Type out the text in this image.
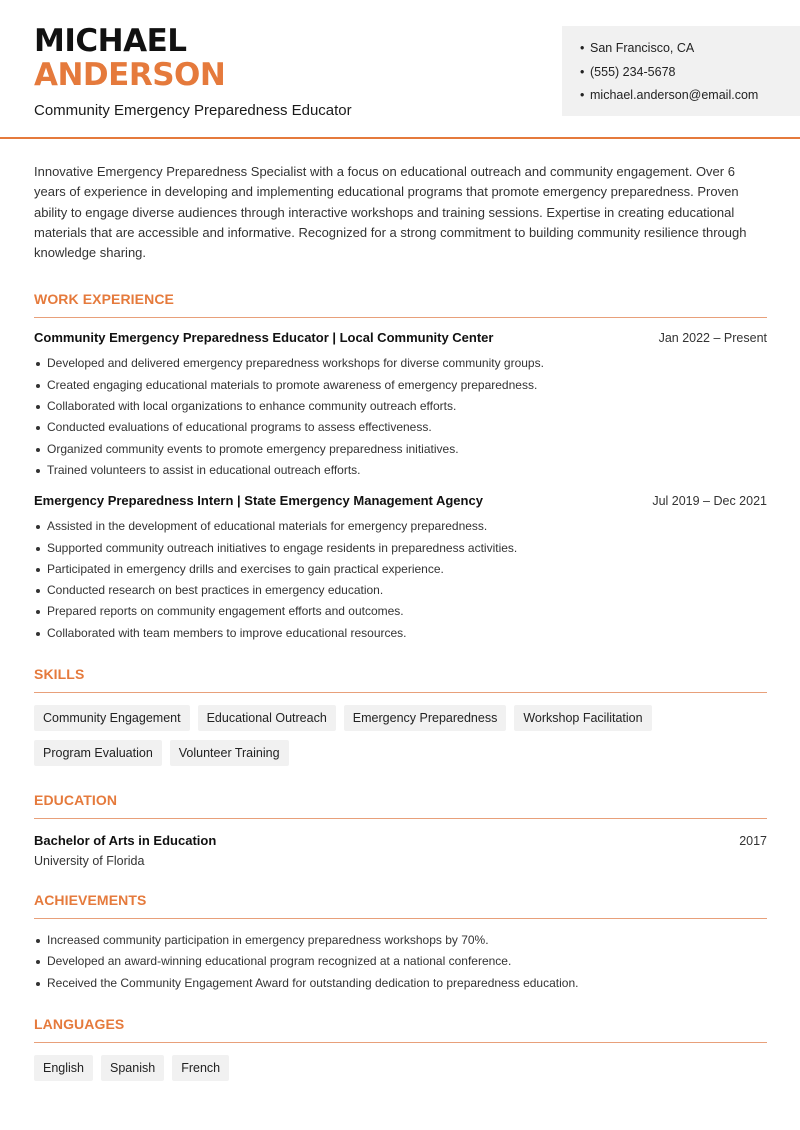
MICHAEL
ANDERSON
Community Emergency Preparedness Educator
• San Francisco, CA
• (555) 234-5678
• michael.anderson@email.com

Innovative Emergency Preparedness Specialist with a focus on educational outreach and community engagement. Over 6 years of experience in developing and implementing educational programs that promote emergency preparedness. Proven ability to engage diverse audiences through interactive workshops and training sessions. Expertise in creating educational materials that are accessible and informative. Recognized for a strong commitment to building community resilience through knowledge sharing.

WORK EXPERIENCE
Community Emergency Preparedness Educator | Local Community Center	Jan 2022 – Present
Developed and delivered emergency preparedness workshops for diverse community groups.
Created engaging educational materials to promote awareness of emergency preparedness.
Collaborated with local organizations to enhance community outreach efforts.
Conducted evaluations of educational programs to assess effectiveness.
Organized community events to promote emergency preparedness initiatives.
Trained volunteers to assist in educational outreach efforts.
Emergency Preparedness Intern | State Emergency Management Agency	Jul 2019 – Dec 2021
Assisted in the development of educational materials for emergency preparedness.
Supported community outreach initiatives to engage residents in preparedness activities.
Participated in emergency drills and exercises to gain practical experience.
Conducted research on best practices in emergency education.
Prepared reports on community engagement efforts and outcomes.
Collaborated with team members to improve educational resources.
SKILLS
Community Engagement	Educational Outreach	Emergency Preparedness	Workshop Facilitation
Program Evaluation	Volunteer Training
EDUCATION
Bachelor of Arts in Education	2017
University of Florida
ACHIEVEMENTS
Increased community participation in emergency preparedness workshops by 70%.
Developed an award-winning educational program recognized at a national conference.
Received the Community Engagement Award for outstanding dedication to preparedness education.
LANGUAGES
English	Spanish	French
